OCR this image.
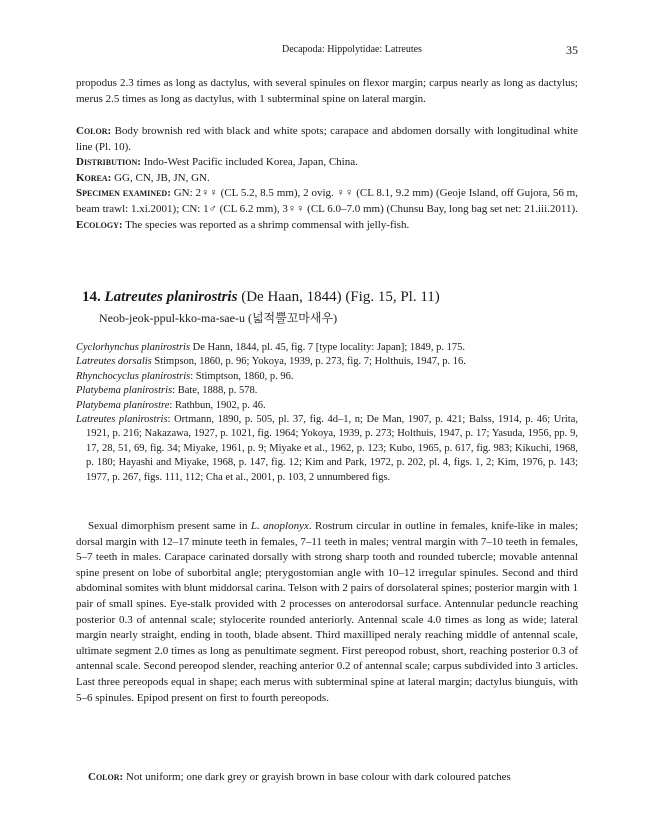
Decapoda: Hippolytidae: Latreutes	35

propodus 2.3 times as long as dactylus, with several spinules on flexor margin; carpus nearly as long as dactylus; merus 2.5 times as long as dactylus, with 1 subterminal spine on lateral margin.

Color: Body brownish red with black and white spots; carapace and abdomen dorsally with longitudinal white line (Pl. 10).

Distribution: Indo-West Pacific included Korea, Japan, China.

Korea: GG, CN, JB, JN, GN.

Specimen examined: GN: 2♀♀ (CL 5.2, 8.5 mm), 2 ovig. ♀♀ (CL 8.1, 9.2 mm) (Geoje Island, off Gujora, 56 m, beam trawl: 1.xi.2001); CN: 1♂ (CL 6.2 mm), 3♀♀ (CL 6.0–7.0 mm) (Chunsu Bay, long bag set net: 21.iii.2011).

Ecology: The species was reported as a shrimp commensal with jelly-fish.

14. Latreutes planirostris (De Haan, 1844) (Fig. 15, Pl. 11)
Neob-jeok-ppul-kko-ma-sae-u (넓적뿔꼬마새우)

Cyclorhynchus planirostris De Hann, 1844, pl. 45, fig. 7 [type locality: Japan]; 1849, p. 175.

Latreutes dorsalis Stimpson, 1860, p. 96; Yokoya, 1939, p. 273, fig. 7; Holthuis, 1947, p. 16.

Rhynchocyclus planirostris: Stimptson, 1860, p. 96.

Platybema planirostris: Bate, 1888, p. 578.

Platybema planirostre: Rathbun, 1902, p. 46.

Latreutes planirostris: Ortmann, 1890, p. 505, pl. 37, fig. 4d–1, n; De Man, 1907, p. 421; Balss, 1914, p. 46; Urita, 1921, p. 216; Nakazawa, 1927, p. 1021, fig. 1964; Yokoya, 1939, p. 273; Holthuis, 1947, p. 17; Yasuda, 1956, pp. 9, 17, 28, 51, 69, fig. 34; Miyake, 1961, p. 9; Miyake et al., 1962, p. 123; Kubo, 1965, p. 617, fig. 983; Kikuchi, 1968, p. 180; Hayashi and Miyake, 1968, p. 147, fig. 12; Kim and Park, 1972, p. 202, pl. 4, figs. 1, 2; Kim, 1976, p. 143; 1977, p. 267, figs. 111, 112; Cha et al., 2001, p. 103, 2 unnumbered figs.

Sexual dimorphism present same in L. anoplonyx. Rostrum circular in outline in females, knife-like in males; dorsal margin with 12–17 minute teeth in females, 7–11 teeth in males; ventral margin with 7–10 teeth in females, 5–7 teeth in males. Carapace carinated dorsally with strong sharp tooth and rounded tubercle; movable antennal spine present on lobe of suborbital angle; pterygostomian angle with 10–12 irregular spinules. Second and third abdominal somites with blunt middorsal carina. Telson with 2 pairs of dorsolateral spines; posterior margin with 1 pair of small spines. Eye-stalk provided with 2 processes on anterodorsal surface. Antennular peduncle reaching posterior 0.3 of antennal scale; stylocerite rounded anteriorly. Antennal scale 4.0 times as long as wide; lateral margin nearly straight, ending in tooth, blade absent. Third maxilliped neraly reaching middle of antennal scale, ultimate segment 2.0 times as long as penultimate segment. First pereopod robust, short, reaching posterior 0.3 of antennal scale. Second pereopod slender, reaching anterior 0.2 of antennal scale; carpus subdivided into 3 articles. Last three pereopods equal in shape; each merus with subterminal spine at lateral margin; dactylus biunguis, with 5–6 spinules. Epipod present on first to fourth pereopods.

Color: Not uniform; one dark grey or grayish brown in base colour with dark coloured patches
